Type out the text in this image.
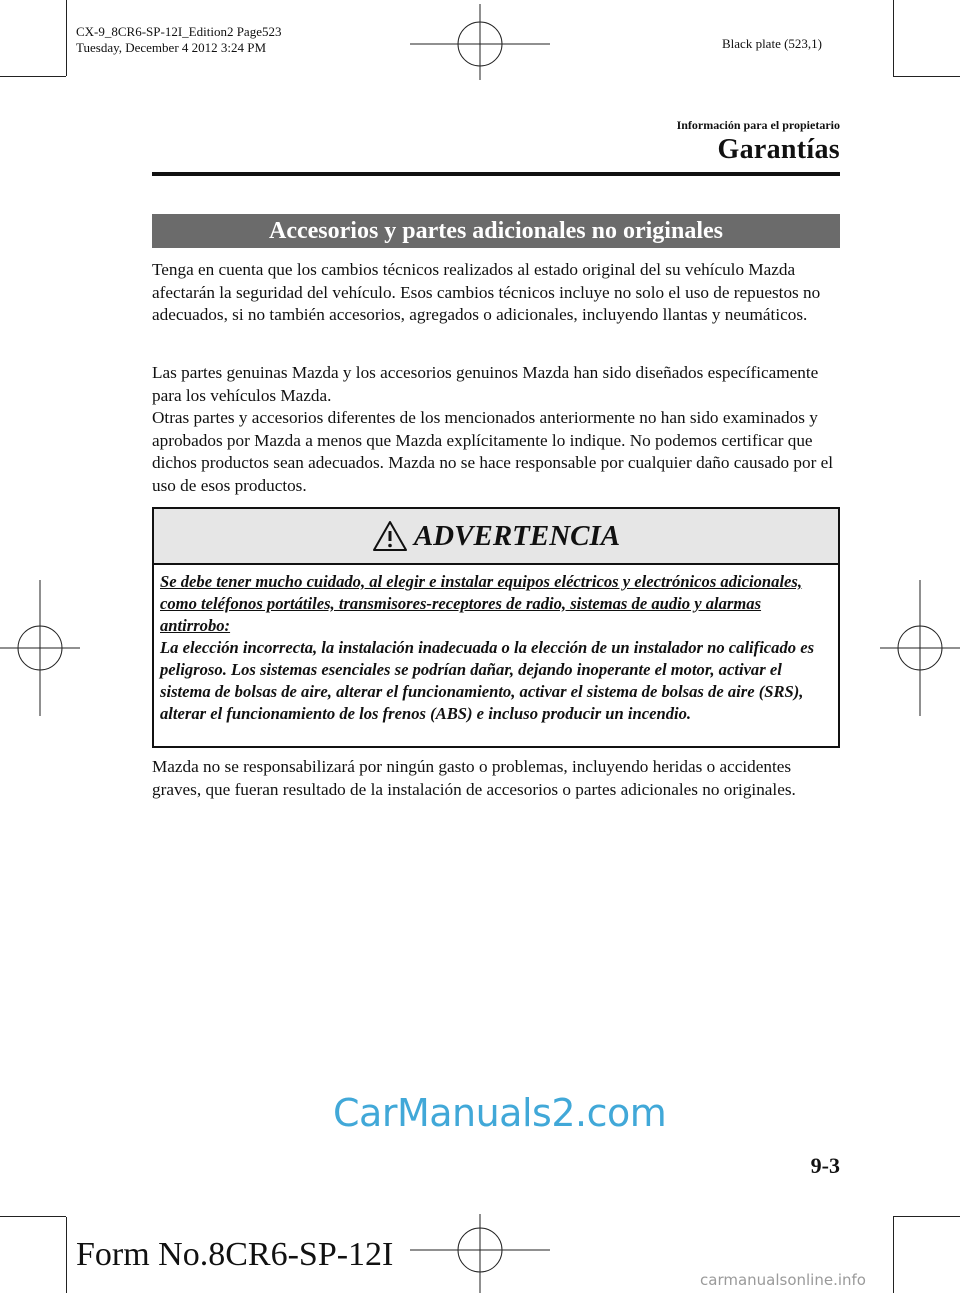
CX-9_8CR6-SP-12I_Edition2 Page523
Tuesday, December 4 2012 3:24 PM	Black plate (523,1)
Información para el propietario
Garantías
Accesorios y partes adicionales no originales
Tenga en cuenta que los cambios técnicos realizados al estado original del su vehículo Mazda afectarán la seguridad del vehículo. Esos cambios técnicos incluye no solo el uso de repuestos no adecuados, si no también accesorios, agregados o adicionales, incluyendo llantas y neumáticos.
Las partes genuinas Mazda y los accesorios genuinos Mazda han sido diseñados específicamente para los vehículos Mazda.
Otras partes y accesorios diferentes de los mencionados anteriormente no han sido examinados y aprobados por Mazda a menos que Mazda explícitamente lo indique. No podemos certificar que dichos productos sean adecuados. Mazda no se hace responsable por cualquier daño causado por el uso de esos productos.
ADVERTENCIA
Se debe tener mucho cuidado, al elegir e instalar equipos eléctricos y electrónicos adicionales, como teléfonos portátiles, transmisores-receptores de radio, sistemas de audio y alarmas antirrobo:
La elección incorrecta, la instalación inadecuada o la elección de un instalador no calificado es peligroso. Los sistemas esenciales se podrían dañar, dejando inoperante el motor, activar el sistema de bolsas de aire, alterar el funcionamiento, activar el sistema de bolsas de aire (SRS), alterar el funcionamiento de los frenos (ABS) e incluso producir un incendio.
Mazda no se responsabilizará por ningún gasto o problemas, incluyendo heridas o accidentes graves, que fueran resultado de la instalación de accesorios o partes adicionales no originales.
CarManuals2.com
9-3
Form No.8CR6-SP-12I
carmanualsonline.info
